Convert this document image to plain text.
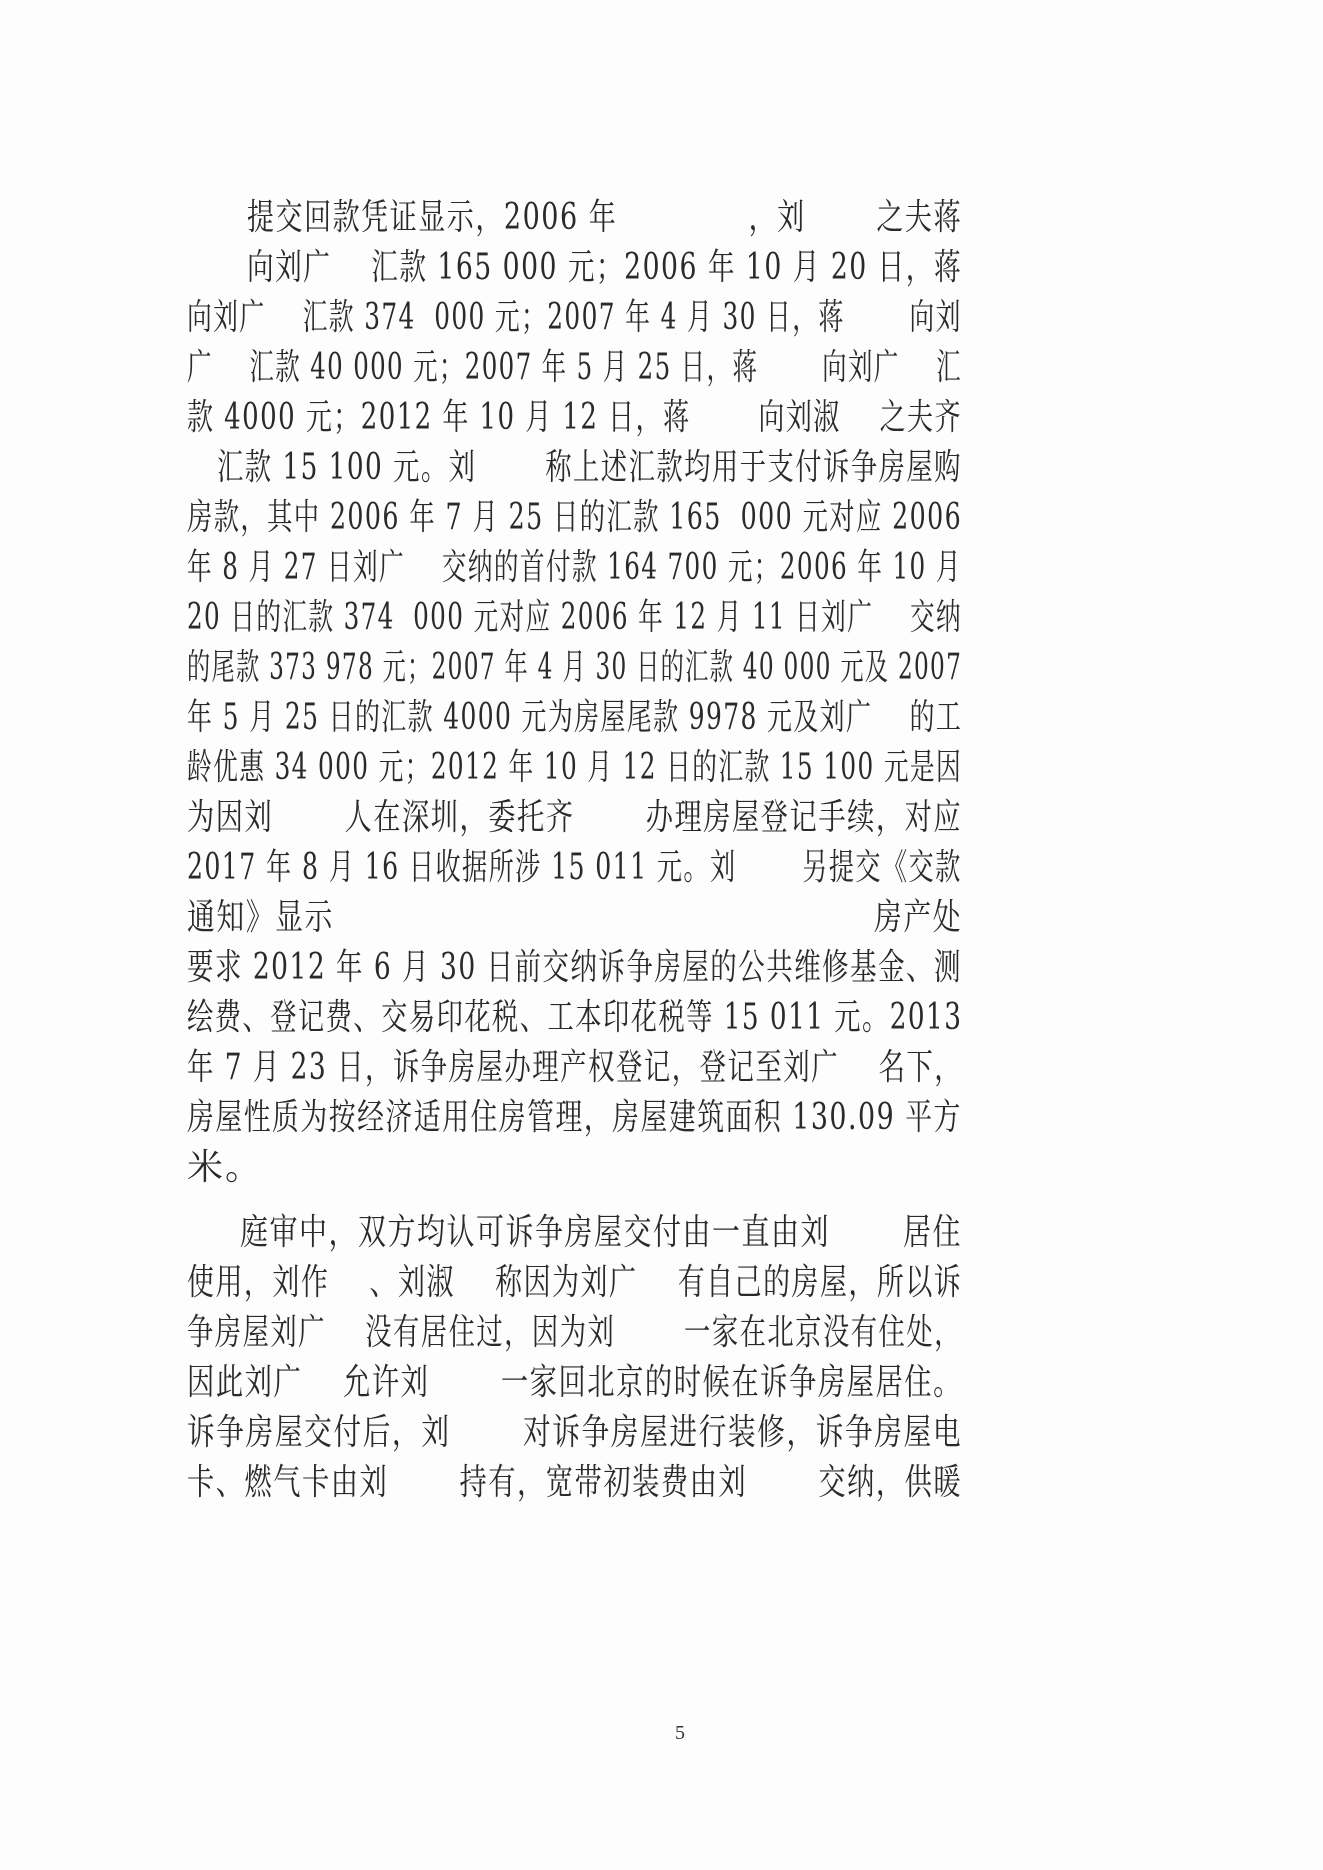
提交回款凭证显示，2006 年             ，刘       之夫蒋
向刘广    汇款 165 000 元；2006 年 10 月 20 日，蒋
向刘广    汇款 374  000 元；2007 年 4 月 30 日，蒋       向刘
广    汇款 40 000 元；2007 年 5 月 25 日，蒋       向刘广    汇
款 4000 元；2012 年 10 月 12 日，蒋       向刘淑    之夫齐
汇款 15 100 元。刘       称上述汇款均用于支付诉争房屋购
房款，其中 2006 年 7 月 25 日的汇款 165  000 元对应 2006
年 8 月 27 日刘广    交纳的首付款 164 700 元；2006 年 10 月
20 日的汇款 374  000 元对应 2006 年 12 月 11 日刘广    交纳
的尾款 373 978 元；2007 年 4 月 30 日的汇款 40 000 元及 2007
年 5 月 25 日的汇款 4000 元为房屋尾款 9978 元及刘广    的工
龄优惠 34 000 元；2012 年 10 月 12 日的汇款 15 100 元是因
为因刘       人在深圳，委托齐       办理房屋登记手续，对应
2017 年 8 月 16 日收据所涉 15 011 元。刘       另提交《交款
通知》显示                                                    房产处
要求 2012 年 6 月 30 日前交纳诉争房屋的公共维修基金、测
绘费、登记费、交易印花税、工本印花税等 15 011 元。2013
年 7 月 23 日，诉争房屋办理产权登记，登记至刘广    名下，
房屋性质为按经济适用住房管理，房屋建筑面积 130.09 平方
米。
庭审中，双方均认可诉争房屋交付由一直由刘       居住
使用，刘作    、刘淑    称因为刘广    有自己的房屋，所以诉
争房屋刘广    没有居住过，因为刘       一家在北京没有住处，
因此刘广    允许刘       一家回北京的时候在诉争房屋居住。
诉争房屋交付后，刘       对诉争房屋进行装修，诉争房屋电
卡、燃气卡由刘       持有，宽带初装费由刘       交纳，供暖
5
